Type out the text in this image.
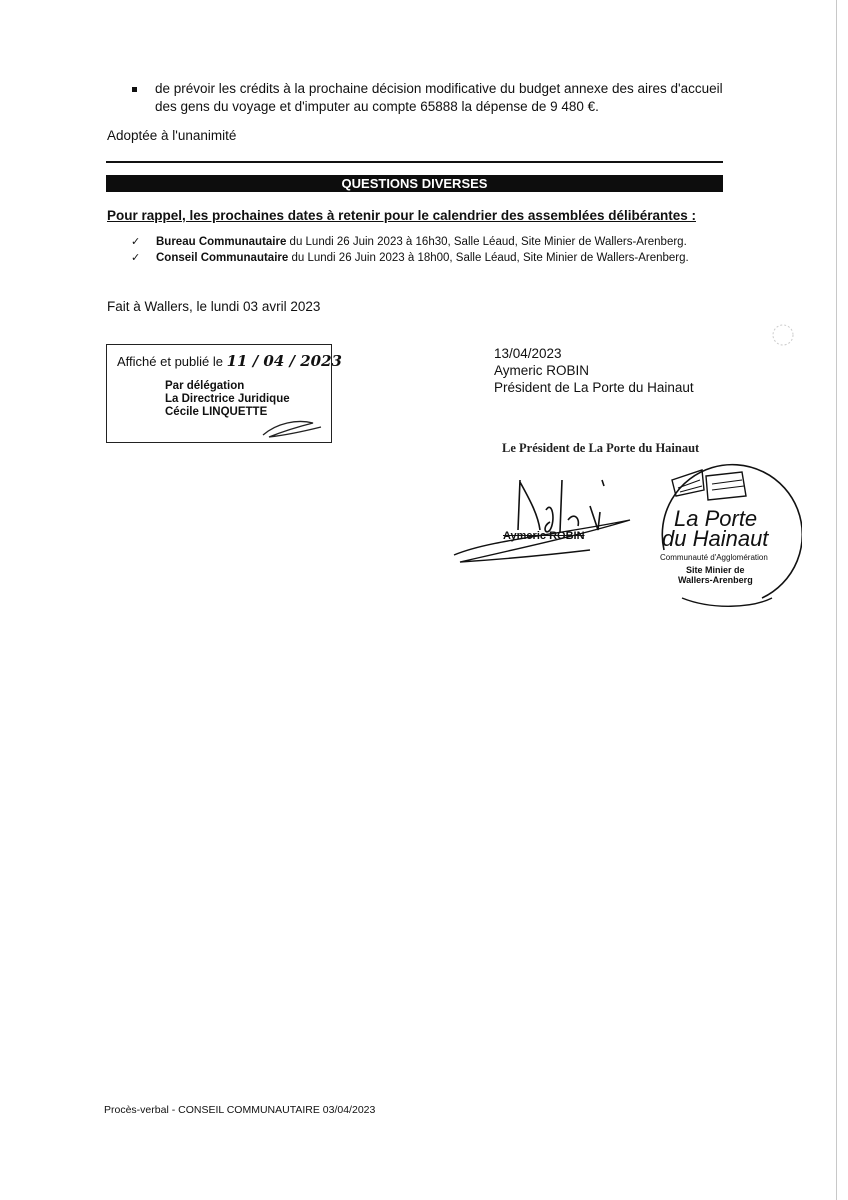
de prévoir les crédits à la prochaine décision modificative du budget annexe des aires d'accueil des gens du voyage et d'imputer au compte 65888 la dépense de 9 480 €.
Adoptée à l'unanimité
QUESTIONS DIVERSES
Pour rappel, les prochaines dates à retenir pour le calendrier des assemblées délibérantes :
✓ Bureau Communautaire du Lundi 26 Juin 2023 à 16h30, Salle Léaud, Site Minier de Wallers-Arenberg.
✓ Conseil Communautaire du Lundi 26 Juin 2023 à 18h00, Salle Léaud, Site Minier de Wallers-Arenberg.
Fait à Wallers, le lundi 03 avril 2023
Affiché et publié le 11 / 04 / 2023
Par délégation
La Directrice Juridique
Cécile LINQUETTE
13/04/2023
Aymeric ROBIN
Président de La Porte du Hainaut
Le Président de La Porte du Hainaut
Aymeric ROBIN
La Porte
du Hainaut
Communauté d'Agglomération
Site Minier de
Wallers-Arenberg
Procès-verbal - CONSEIL COMMUNAUTAIRE 03/04/2023
